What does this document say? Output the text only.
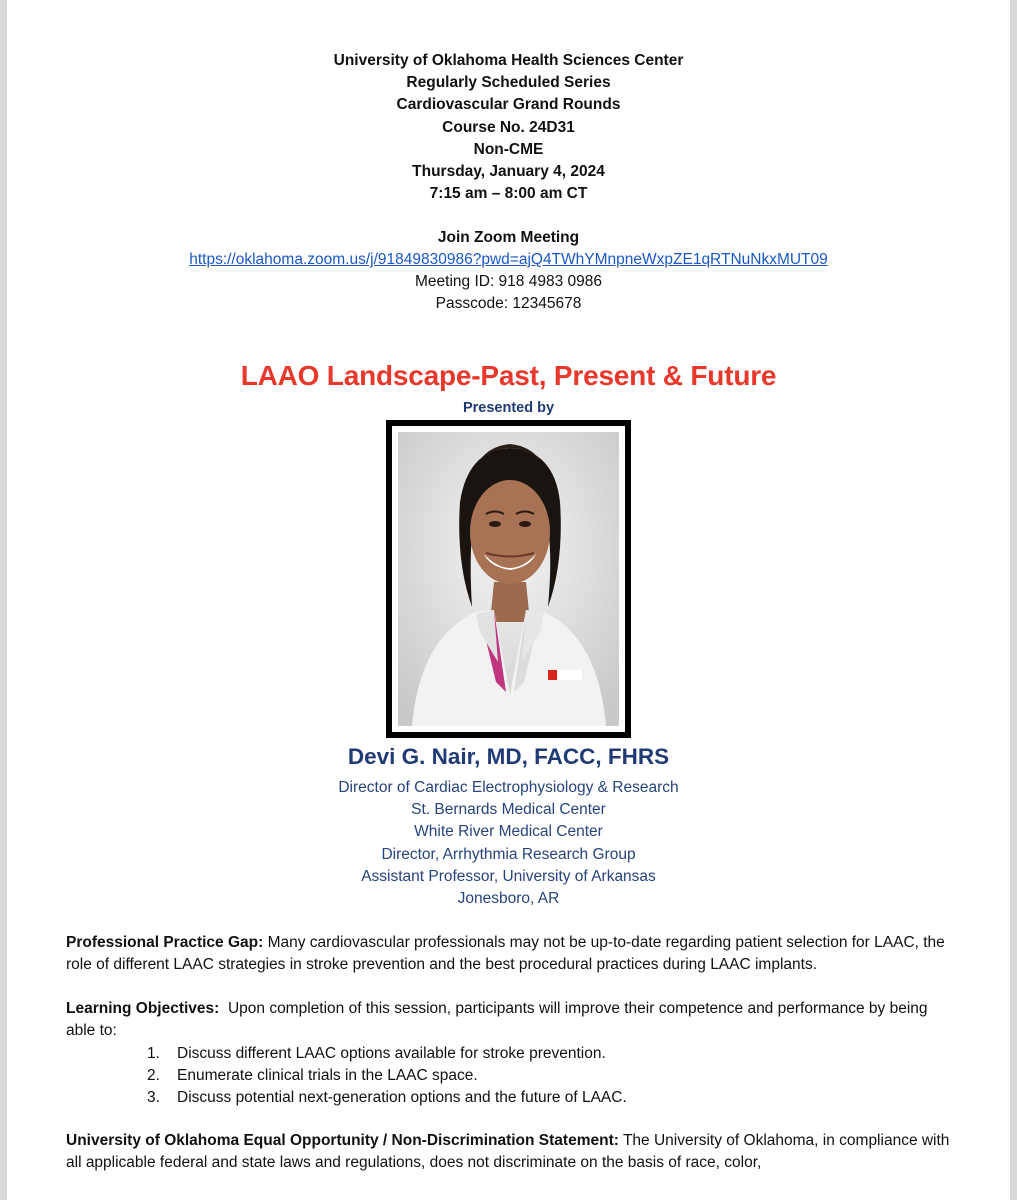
University of Oklahoma Health Sciences Center
Regularly Scheduled Series
Cardiovascular Grand Rounds
Course No. 24D31
Non-CME
Thursday, January 4, 2024
7:15 am – 8:00 am CT
Join Zoom Meeting
https://oklahoma.zoom.us/j/91849830986?pwd=ajQ4TWhYMnpneWxpZE1qRTNuNkxMUT09
Meeting ID: 918 4983 0986
Passcode: 12345678
LAAO Landscape-Past, Present & Future
Presented by
Devi G. Nair, MD, FACC, FHRS
Director of Cardiac Electrophysiology & Research
St. Bernards Medical Center
White River Medical Center
Director, Arrhythmia Research Group
Assistant Professor, University of Arkansas
Jonesboro, AR
Professional Practice Gap: Many cardiovascular professionals may not be up-to-date regarding patient selection for LAAC, the role of different LAAC strategies in stroke prevention and the best procedural practices during LAAC implants.
Learning Objectives: Upon completion of this session, participants will improve their competence and performance by being able to:
1.	Discuss different LAAC options available for stroke prevention.
2.	Enumerate clinical trials in the LAAC space.
3.	Discuss potential next-generation options and the future of LAAC.
University of Oklahoma Equal Opportunity / Non-Discrimination Statement: The University of Oklahoma, in compliance with all applicable federal and state laws and regulations, does not discriminate on the basis of race, color,
